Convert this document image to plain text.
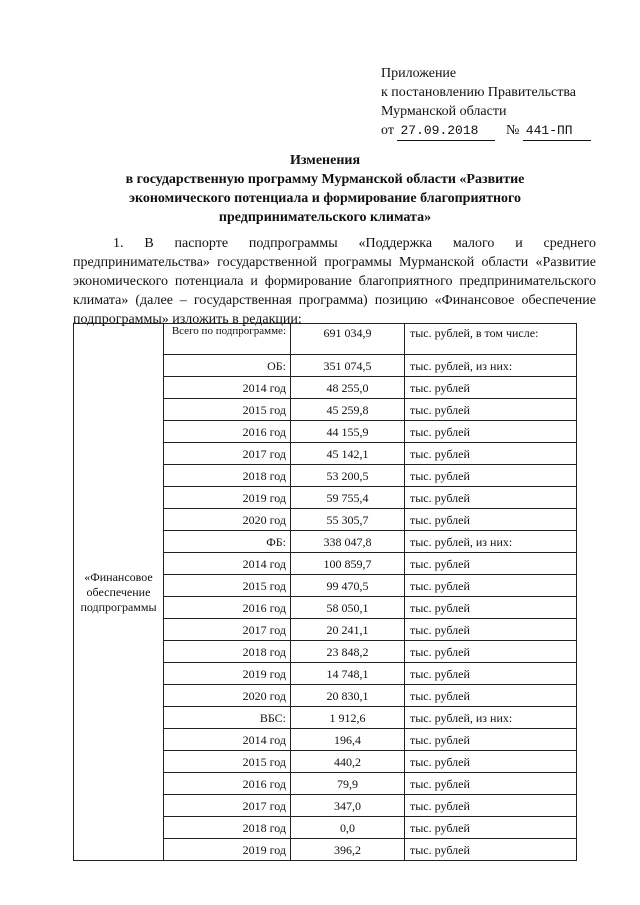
Приложение
к постановлению Правительства
Мурманской области
от 27.09.2018 № 441-ПП
Изменения
в государственную программу Мурманской области «Развитие
экономического потенциала и формирование благоприятного
предпринимательского климата»
1. В паспорте подпрограммы «Поддержка малого и среднего предпринимательства» государственной программы Мурманской области «Развитие экономического потенциала и формирование благоприятного предпринимательского климата» (далее – государственная программа) позицию «Финансовое обеспечение подпрограммы» изложить в редакции:
«Финансовое обеспечение подпрограммы	Всего по подпрограмме:	691 034,9	тыс. рублей, в том числе:
	ОБ:	351 074,5	тыс. рублей, из них:
	2014 год	48 255,0	тыс. рублей
	2015 год	45 259,8	тыс. рублей
	2016 год	44 155,9	тыс. рублей
	2017 год	45 142,1	тыс. рублей
	2018 год	53 200,5	тыс. рублей
	2019 год	59 755,4	тыс. рублей
	2020 год	55 305,7	тыс. рублей
	ФБ:	338 047,8	тыс. рублей, из них:
	2014 год	100 859,7	тыс. рублей
	2015 год	99 470,5	тыс. рублей
	2016 год	58 050,1	тыс. рублей
	2017 год	20 241,1	тыс. рублей
	2018 год	23 848,2	тыс. рублей
	2019 год	14 748,1	тыс. рублей
	2020 год	20 830,1	тыс. рублей
	ВБС:	1 912,6	тыс. рублей, из них:
	2014 год	196,4	тыс. рублей
	2015 год	440,2	тыс. рублей
	2016 год	79,9	тыс. рублей
	2017 год	347,0	тыс. рублей
	2018 год	0,0	тыс. рублей
	2019 год	396,2	тыс. рублей
